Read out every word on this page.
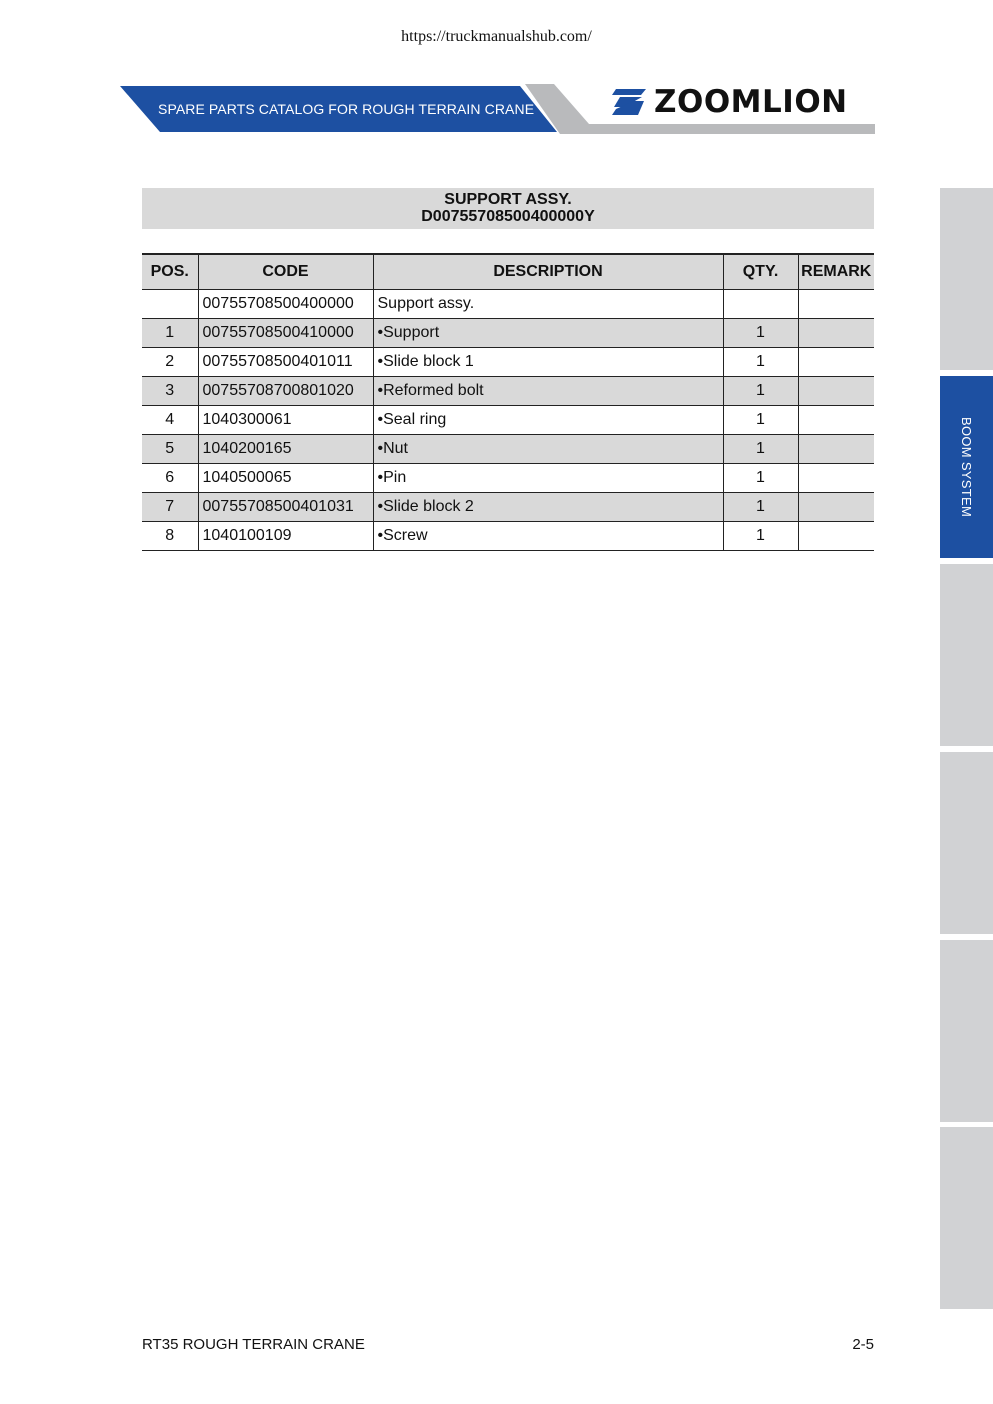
https://truckmanualshub.com/
SPARE PARTS CATALOG FOR ROUGH TERRAIN CRANE	ZOOMLION
SUPPORT ASSY.
D0075570850040000​0Y
POS.	CODE	DESCRIPTION	QTY.	REMARK
	00755708500400000	Support assy.		
1	00755708500410000	•Support	1	
2	00755708500401011	•Slide block 1	1	
3	00755708700801020	•Reformed bolt	1	
4	1040300061	•Seal ring	1	
5	1040200165	•Nut	1	
6	1040500065	•Pin	1	
7	00755708500401031	•Slide block 2	1	
8	1040100109	•Screw	1	
BOOM SYSTEM
RT35 ROUGH TERRAIN CRANE	2-5
